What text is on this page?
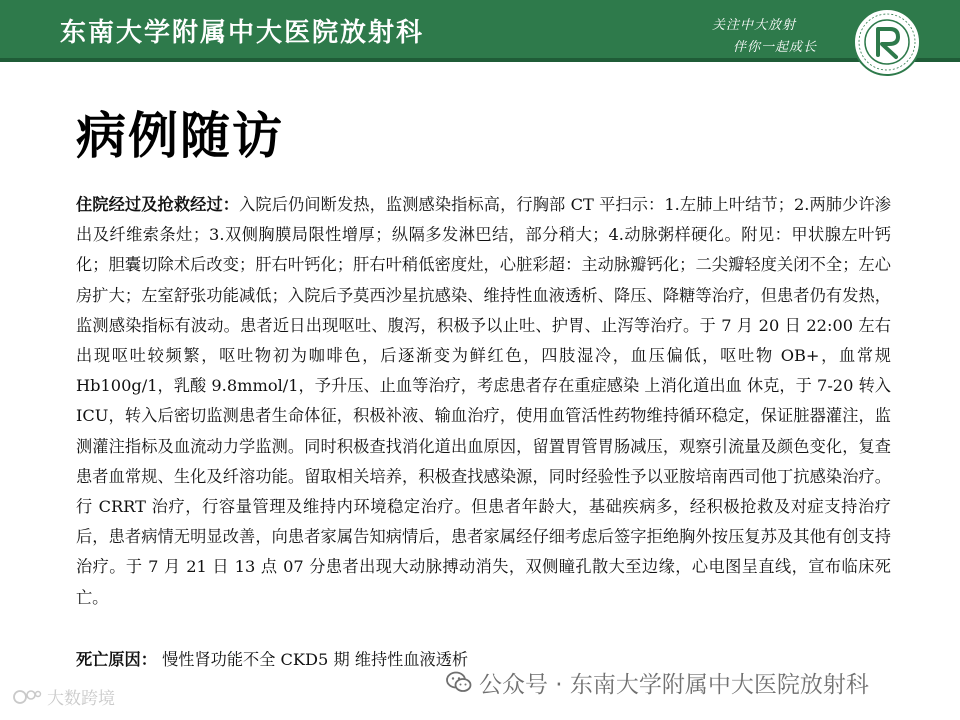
东南大学附属中大医院放射科	关注中大放射
伴你一起成长
病例随访
住院经过及抢救经过：入院后仍间断发热，监测感染指标高，行胸部 CT 平扫示：1.左肺上叶结节；2.两肺少许渗出及纤维索条灶；3.双侧胸膜局限性增厚；纵隔多发淋巴结，部分稍大；4.动脉粥样硬化。附见：甲状腺左叶钙化；胆囊切除术后改变；肝右叶钙化；肝右叶稍低密度灶，心脏彩超：主动脉瓣钙化；二尖瓣轻度关闭不全；左心房扩大；左室舒张功能减低；入院后予莫西沙星抗感染、维持性血液透析、降压、降糖等治疗，但患者仍有发热，监测感染指标有波动。患者近日出现呕吐、腹泻，积极予以止吐、护胃、止泻等治疗。于 7 月 20 日 22:00 左右出现呕吐较频繁，呕吐物初为咖啡色，后逐渐变为鲜红色，四肢湿冷，血压偏低，呕吐物 OB+，血常规 Hb100g/1，乳酸 9.8mmol/1，予升压、止血等治疗，考虑患者存在重症感染 上消化道出血 休克，于 7-20 转入 ICU，转入后密切监测患者生命体征，积极补液、输血治疗，使用血管活性药物维持循环稳定，保证脏器灌注，监测灌注指标及血流动力学监测。同时积极查找消化道出血原因，留置胃管胃肠减压，观察引流量及颜色变化，复查患者血常规、生化及纤溶功能。留取相关培养，积极查找感染源，同时经验性予以亚胺培南西司他丁抗感染治疗。行 CRRT 治疗，行容量管理及维持内环境稳定治疗。但患者年龄大，基础疾病多，经积极抢救及对症支持治疗后，患者病情无明显改善，向患者家属告知病情后，患者家属经仔细考虑后签字拒绝胸外按压复苏及其他有创支持治疗。于 7 月 21 日 13 点 07 分患者出现大动脉搏动消失，双侧瞳孔散大至边缘，心电图呈直线，宣布临床死亡。
死亡原因： 慢性肾功能不全 CKD5 期 维持性血液透析
公众号 · 东南大学附属中大医院放射科
大数跨境
